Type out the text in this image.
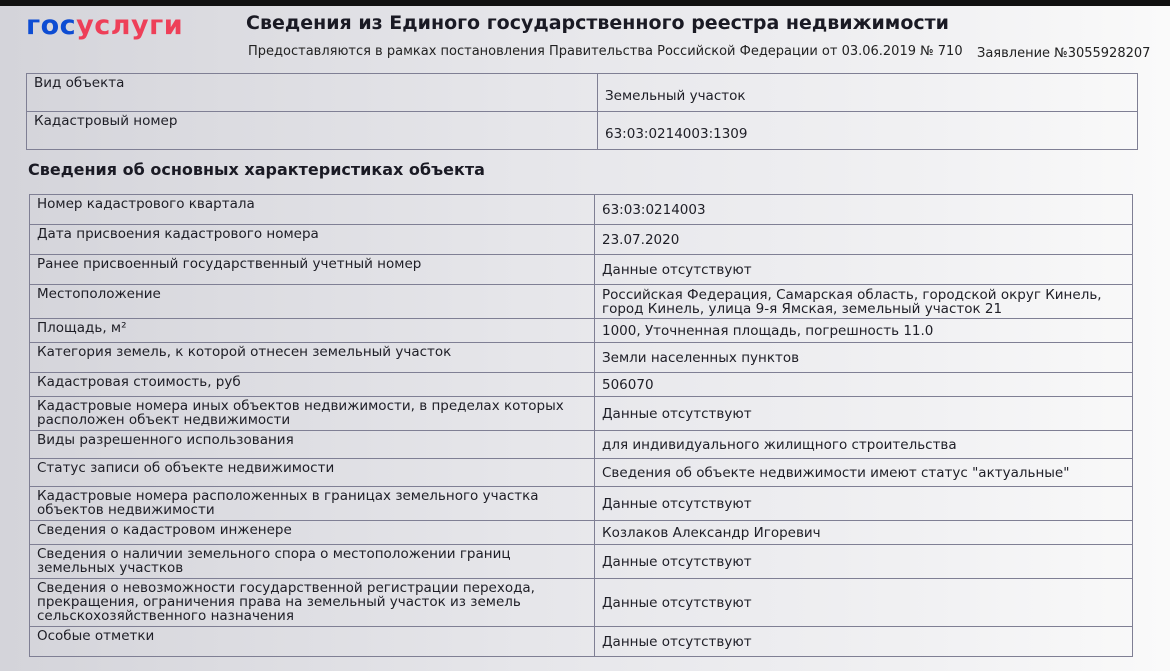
госуслуги	Сведения из Единого государственного реестра недвижимости
Предоставляются в рамках постановления Правительства Российской Федерации от 03.06.2019 № 710 Заявление №3055928207
Вид объекта	Земельный участок
Кадастровый номер	63:03:0214003:1309
Сведения об основных характеристиках объекта
Номер кадастрового квартала	63:03:0214003
Дата присвоения кадастрового номера	23.07.2020
Ранее присвоенный государственный учетный номер	Данные отсутствуют
Местоположение	Российская Федерация, Самарская область, городской округ Кинель, город Кинель, улица 9-я Ямская, земельный участок 21
Площадь, м²	1000, Уточненная площадь, погрешность 11.0
Категория земель, к которой отнесен земельный участок	Земли населенных пунктов
Кадастровая стоимость, руб	506070
Кадастровые номера иных объектов недвижимости, в пределах которых расположен объект недвижимости	Данные отсутствуют
Виды разрешенного использования	для индивидуального жилищного строительства
Статус записи об объекте недвижимости	Сведения об объекте недвижимости имеют статус "актуальные"
Кадастровые номера расположенных в границах земельного участка объектов недвижимости	Данные отсутствуют
Сведения о кадастровом инженере	Козлаков Александр Игоревич
Сведения о наличии земельного спора о местоположении границ земельных участков	Данные отсутствуют
Сведения о невозможности государственной регистрации перехода, прекращения, ограничения права на земельный участок из земель сельскохозяйственного назначения	Данные отсутствуют
Особые отметки	Данные отсутствуют
